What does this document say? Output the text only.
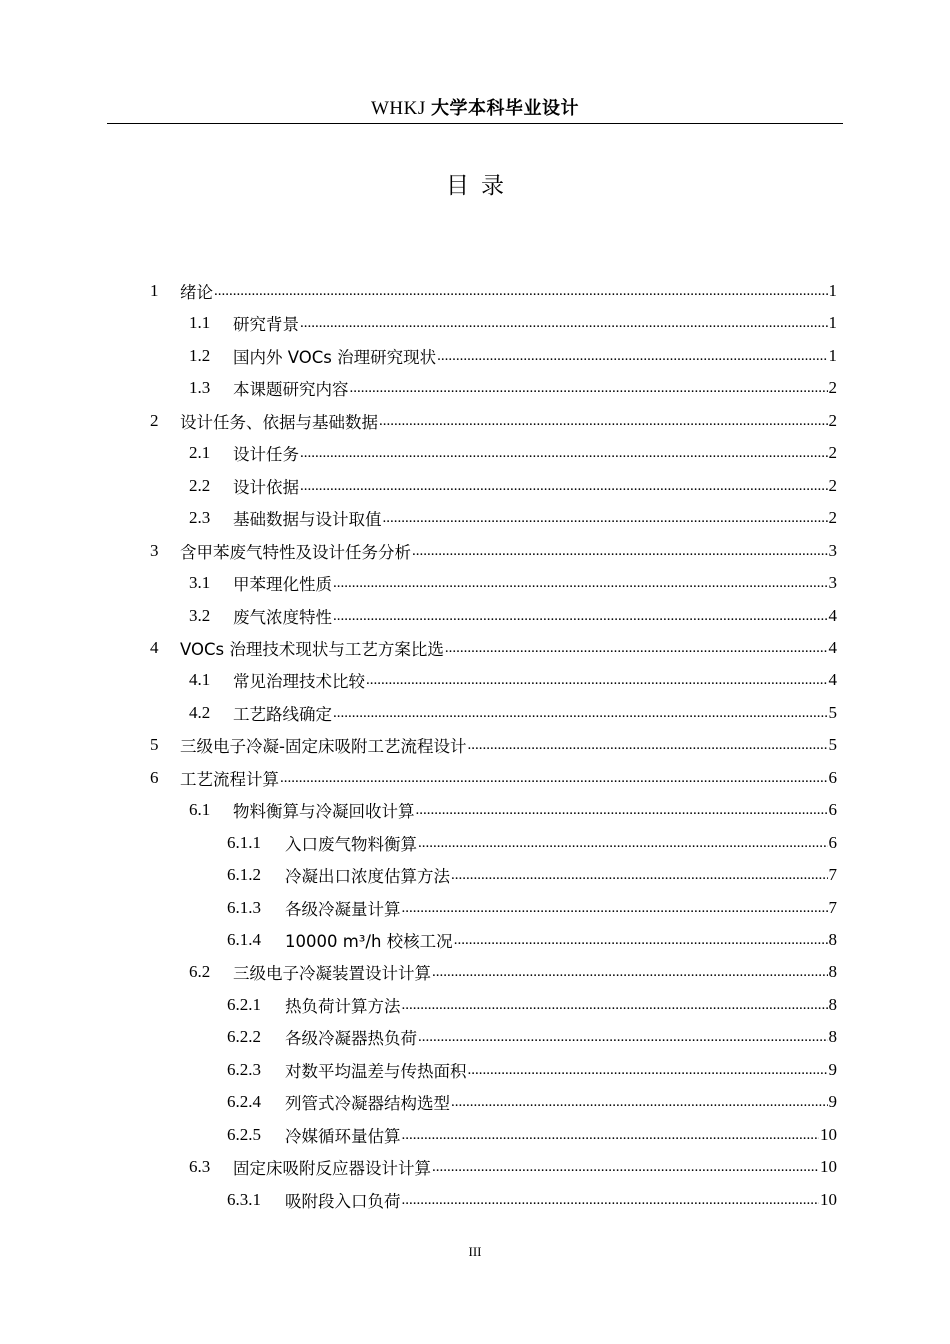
WHKJ 大学本科毕业设计
目录
1	绪论 .....	1
1.1	研究背景 .....	1
1.2	国内外 VOCs 治理研究现状 .....	1
1.3	本课题研究内容 .....	2
2	设计任务、依据与基础数据 .....	2
2.1	设计任务 .....	2
2.2	设计依据 .....	2
2.3	基础数据与设计取值 .....	2
3	含甲苯废气特性及设计任务分析 .....	3
3.1	甲苯理化性质 .....	3
3.2	废气浓度特性 .....	4
4	VOCs 治理技术现状与工艺方案比选 .....	4
4.1	常见治理技术比较 .....	4
4.2	工艺路线确定 .....	5
5	三级电子冷凝-固定床吸附工艺流程设计 .....	5
6	工艺流程计算 .....	6
6.1	物料衡算与冷凝回收计算 .....	6
6.1.1	入口废气物料衡算 .....	6
6.1.2	冷凝出口浓度估算方法 .....	7
6.1.3	各级冷凝量计算 .....	7
6.1.4	10000 m³/h 校核工况 .....	8
6.2	三级电子冷凝装置设计计算 .....	8
6.2.1	热负荷计算方法 .....	8
6.2.2	各级冷凝器热负荷 .....	8
6.2.3	对数平均温差与传热面积 .....	9
6.2.4	列管式冷凝器结构选型 .....	9
6.2.5	冷媒循环量估算 .....	10
6.3	固定床吸附反应器设计计算 .....	10
6.3.1	吸附段入口负荷 .....	10
III
